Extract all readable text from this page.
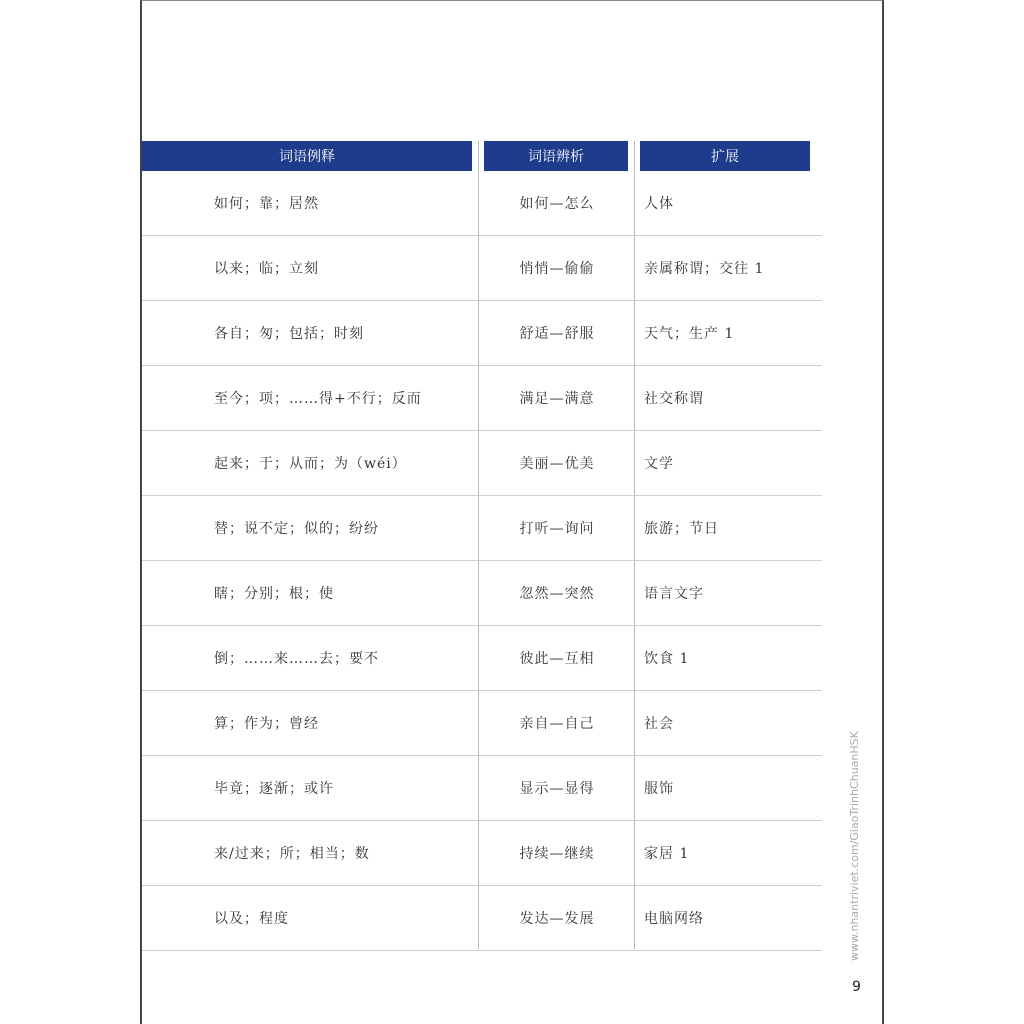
词语例释	词语辨析	扩展
如何；靠；居然	如何—怎么	人体
以来；临；立刻	悄悄—偷偷	亲属称谓；交往 1
各自；匆；包括；时刻	舒适—舒服	天气；生产 1
至今；项；……得+不行；反而	满足—满意	社交称谓
起来；于；从而；为（wéi）	美丽—优美	文学
替；说不定；似的；纷纷	打听—询问	旅游；节日
瞎；分别；根；使	忽然—突然	语言文字
倒；……来……去；要不	彼此—互相	饮食 1
算；作为；曾经	亲自—自己	社会
毕竟；逐渐；或许	显示—显得	服饰
来/过来；所；相当；数	持续—继续	家居 1
以及；程度	发达—发展	电脑网络	www.nhantriviet.com/GiaoTrinhChuanHSK
9
